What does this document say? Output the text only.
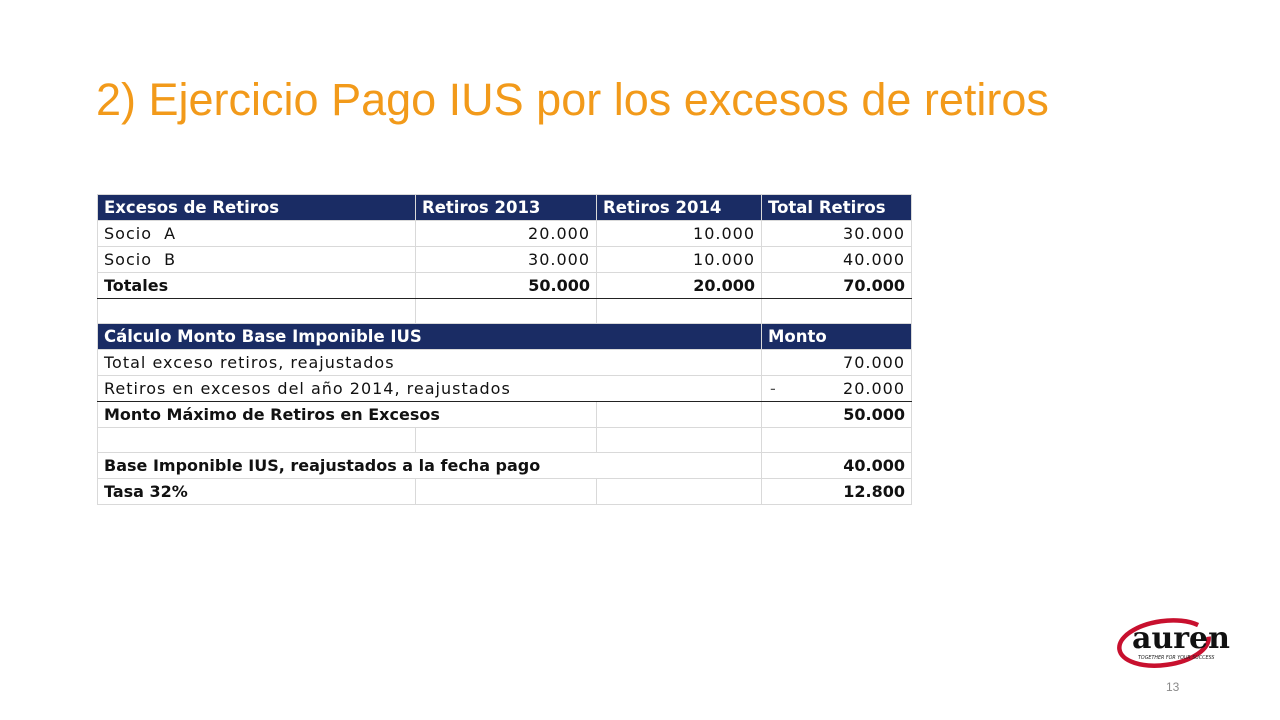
2) Ejercicio Pago IUS por los excesos de retiros
Excesos de Retiros	Retiros 2013	Retiros 2014	Total Retiros
Socio  A	20.000	10.000	30.000
Socio  B	30.000	10.000	40.000
Totales	50.000	20.000	70.000

Cálculo Monto Base Imponible IUS			Monto
Total exceso retiros, reajustados			70.000
Retiros en excesos del año 2014, reajustados			- 20.000
Monto Máximo de Retiros en Excesos			50.000

Base Imponible IUS, reajustados a la fecha pago			40.000
Tasa 32%			12.800
auren
TOGETHER FOR YOUR SUCCESS
13
